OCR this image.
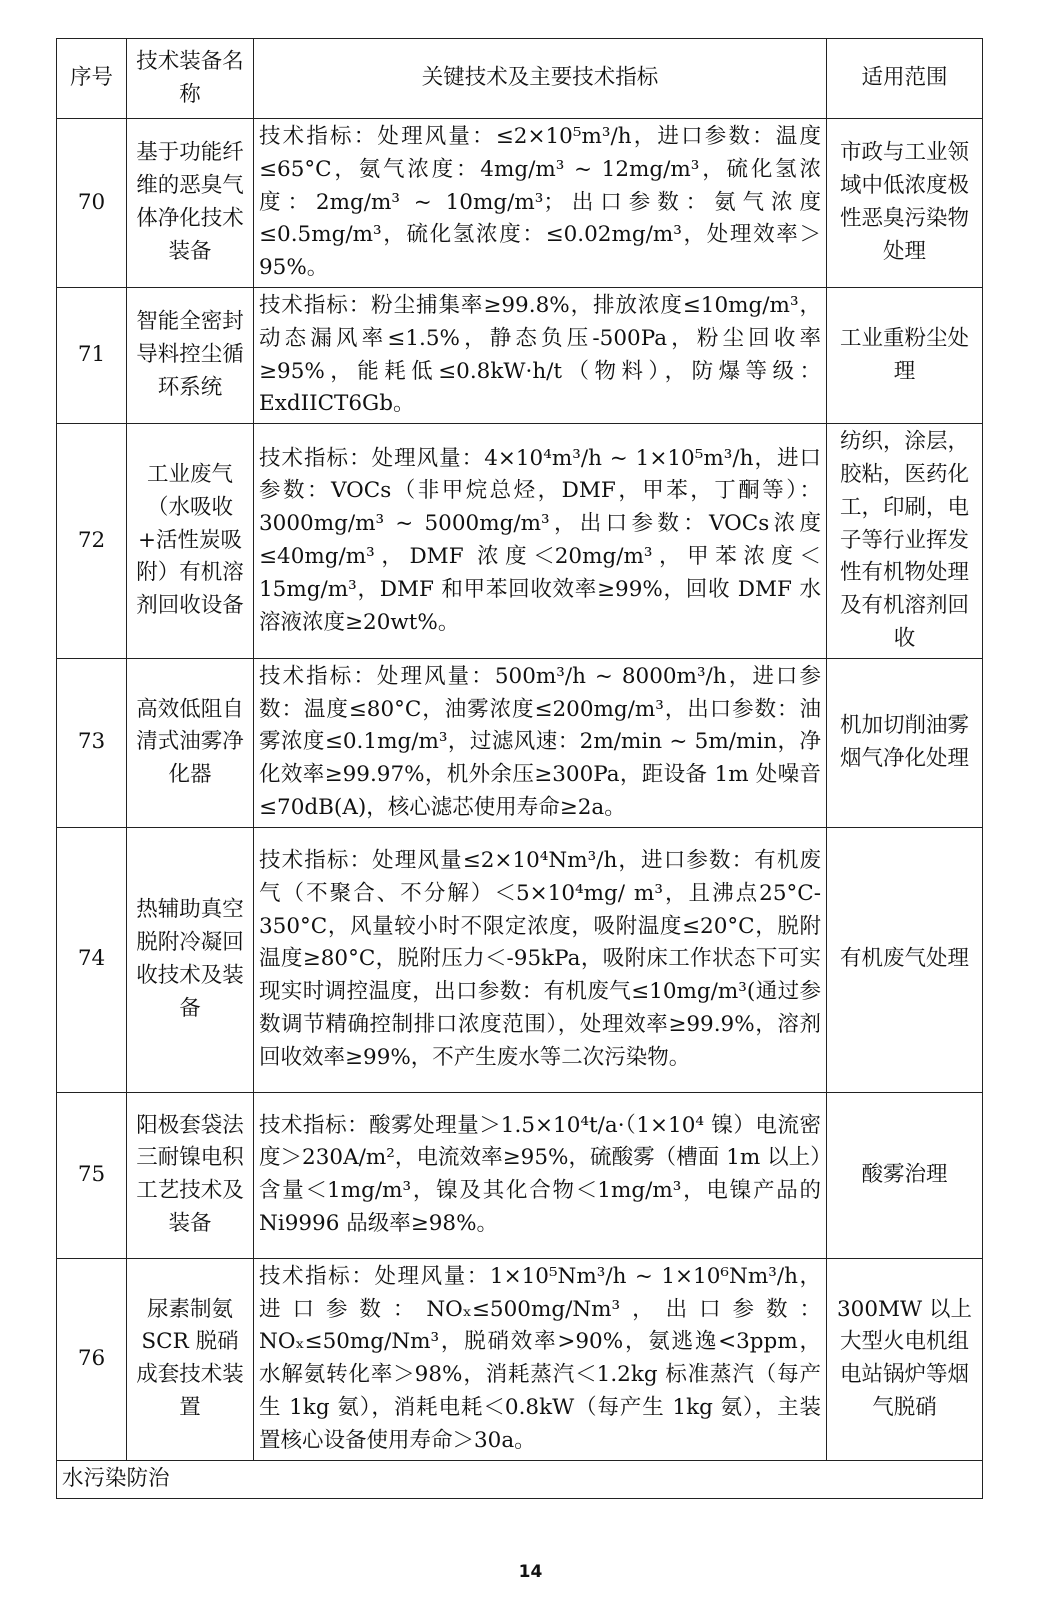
序号	技术装备名称	关键技术及主要技术指标	适用范围
70	基于功能纤维的恶臭气体净化技术装备	技术指标：处理风量：≤2×10⁵m³/h，进口参数：温度≤65°C，氨气浓度：4mg/m³ ~ 12mg/m³，硫化氢浓度：2mg/m³ ~ 10mg/m³；出口参数：氨气浓度≤0.5mg/m³，硫化氢浓度：≤0.02mg/m³，处理效率＞95%。	市政与工业领域中低浓度极性恶臭污染物处理
71	智能全密封导料控尘循环系统	技术指标：粉尘捕集率≥99.8%，排放浓度≤10mg/m³，动态漏风率≤1.5%，静态负压-500Pa，粉尘回收率≥95%，能耗低≤0.8kW·h/t（物料），防爆等级：ExdIICT6Gb。	工业重粉尘处理
72	工业废气（水吸收+活性炭吸附）有机溶剂回收设备	技术指标：处理风量：4×10⁴m³/h ~ 1×10⁵m³/h，进口参数：VOCs（非甲烷总烃，DMF，甲苯，丁酮等）：3000mg/m³ ~ 5000mg/m³，出口参数：VOCs浓度≤40mg/m³，DMF 浓度＜20mg/m³，甲苯浓度＜15mg/m³，DMF 和甲苯回收效率≥99%，回收 DMF 水溶液浓度≥20wt%。	纺织，涂层，胶粘，医药化工，印刷，电子等行业挥发性有机物处理及有机溶剂回收
73	高效低阻自清式油雾净化器	技术指标：处理风量：500m³/h ~ 8000m³/h，进口参数：温度≤80°C，油雾浓度≤200mg/m³，出口参数：油雾浓度≤0.1mg/m³，过滤风速：2m/min ~ 5m/min，净化效率≥99.97%，机外余压≥300Pa，距设备 1m 处噪音≤70dB(A)，核心滤芯使用寿命≥2a。	机加切削油雾烟气净化处理
74	热辅助真空脱附冷凝回收技术及装备	技术指标：处理风量≤2×10⁴Nm³/h，进口参数：有机废气（不聚合、不分解）＜5×10⁴mg/ m³，且沸点25°C-350°C，风量较小时不限定浓度，吸附温度≤20°C，脱附温度≥80°C，脱附压力＜-95kPa，吸附床工作状态下可实现实时调控温度，出口参数：有机废气≤10mg/m³(通过参数调节精确控制排口浓度范围），处理效率≥99.9%，溶剂回收效率≥99%，不产生废水等二次污染物。	有机废气处理
75	阳极套袋法三耐镍电积工艺技术及装备	技术指标：酸雾处理量＞1.5×10⁴t/a·（1×10⁴ 镍）电流密度＞230A/m²，电流效率≥95%，硫酸雾（槽面 1m 以上）含量＜1mg/m³，镍及其化合物＜1mg/m³，电镍产品的 Ni9996 品级率≥98%。	酸雾治理
76	尿素制氨 SCR 脱硝成套技术装置	技术指标：处理风量：1×10⁵Nm³/h ~ 1×10⁶Nm³/h，进口参数：NOₓ≤500mg/Nm³，出口参数：NOₓ≤50mg/Nm³，脱硝效率>90%，氨逃逸<3ppm，水解氨转化率＞98%，消耗蒸汽＜1.2kg 标准蒸汽（每产生 1kg 氨），消耗电耗＜0.8kW（每产生 1kg 氨），主装置核心设备使用寿命＞30a。	300MW 以上大型火电机组电站锅炉等烟气脱硝
水污染防治			
14
